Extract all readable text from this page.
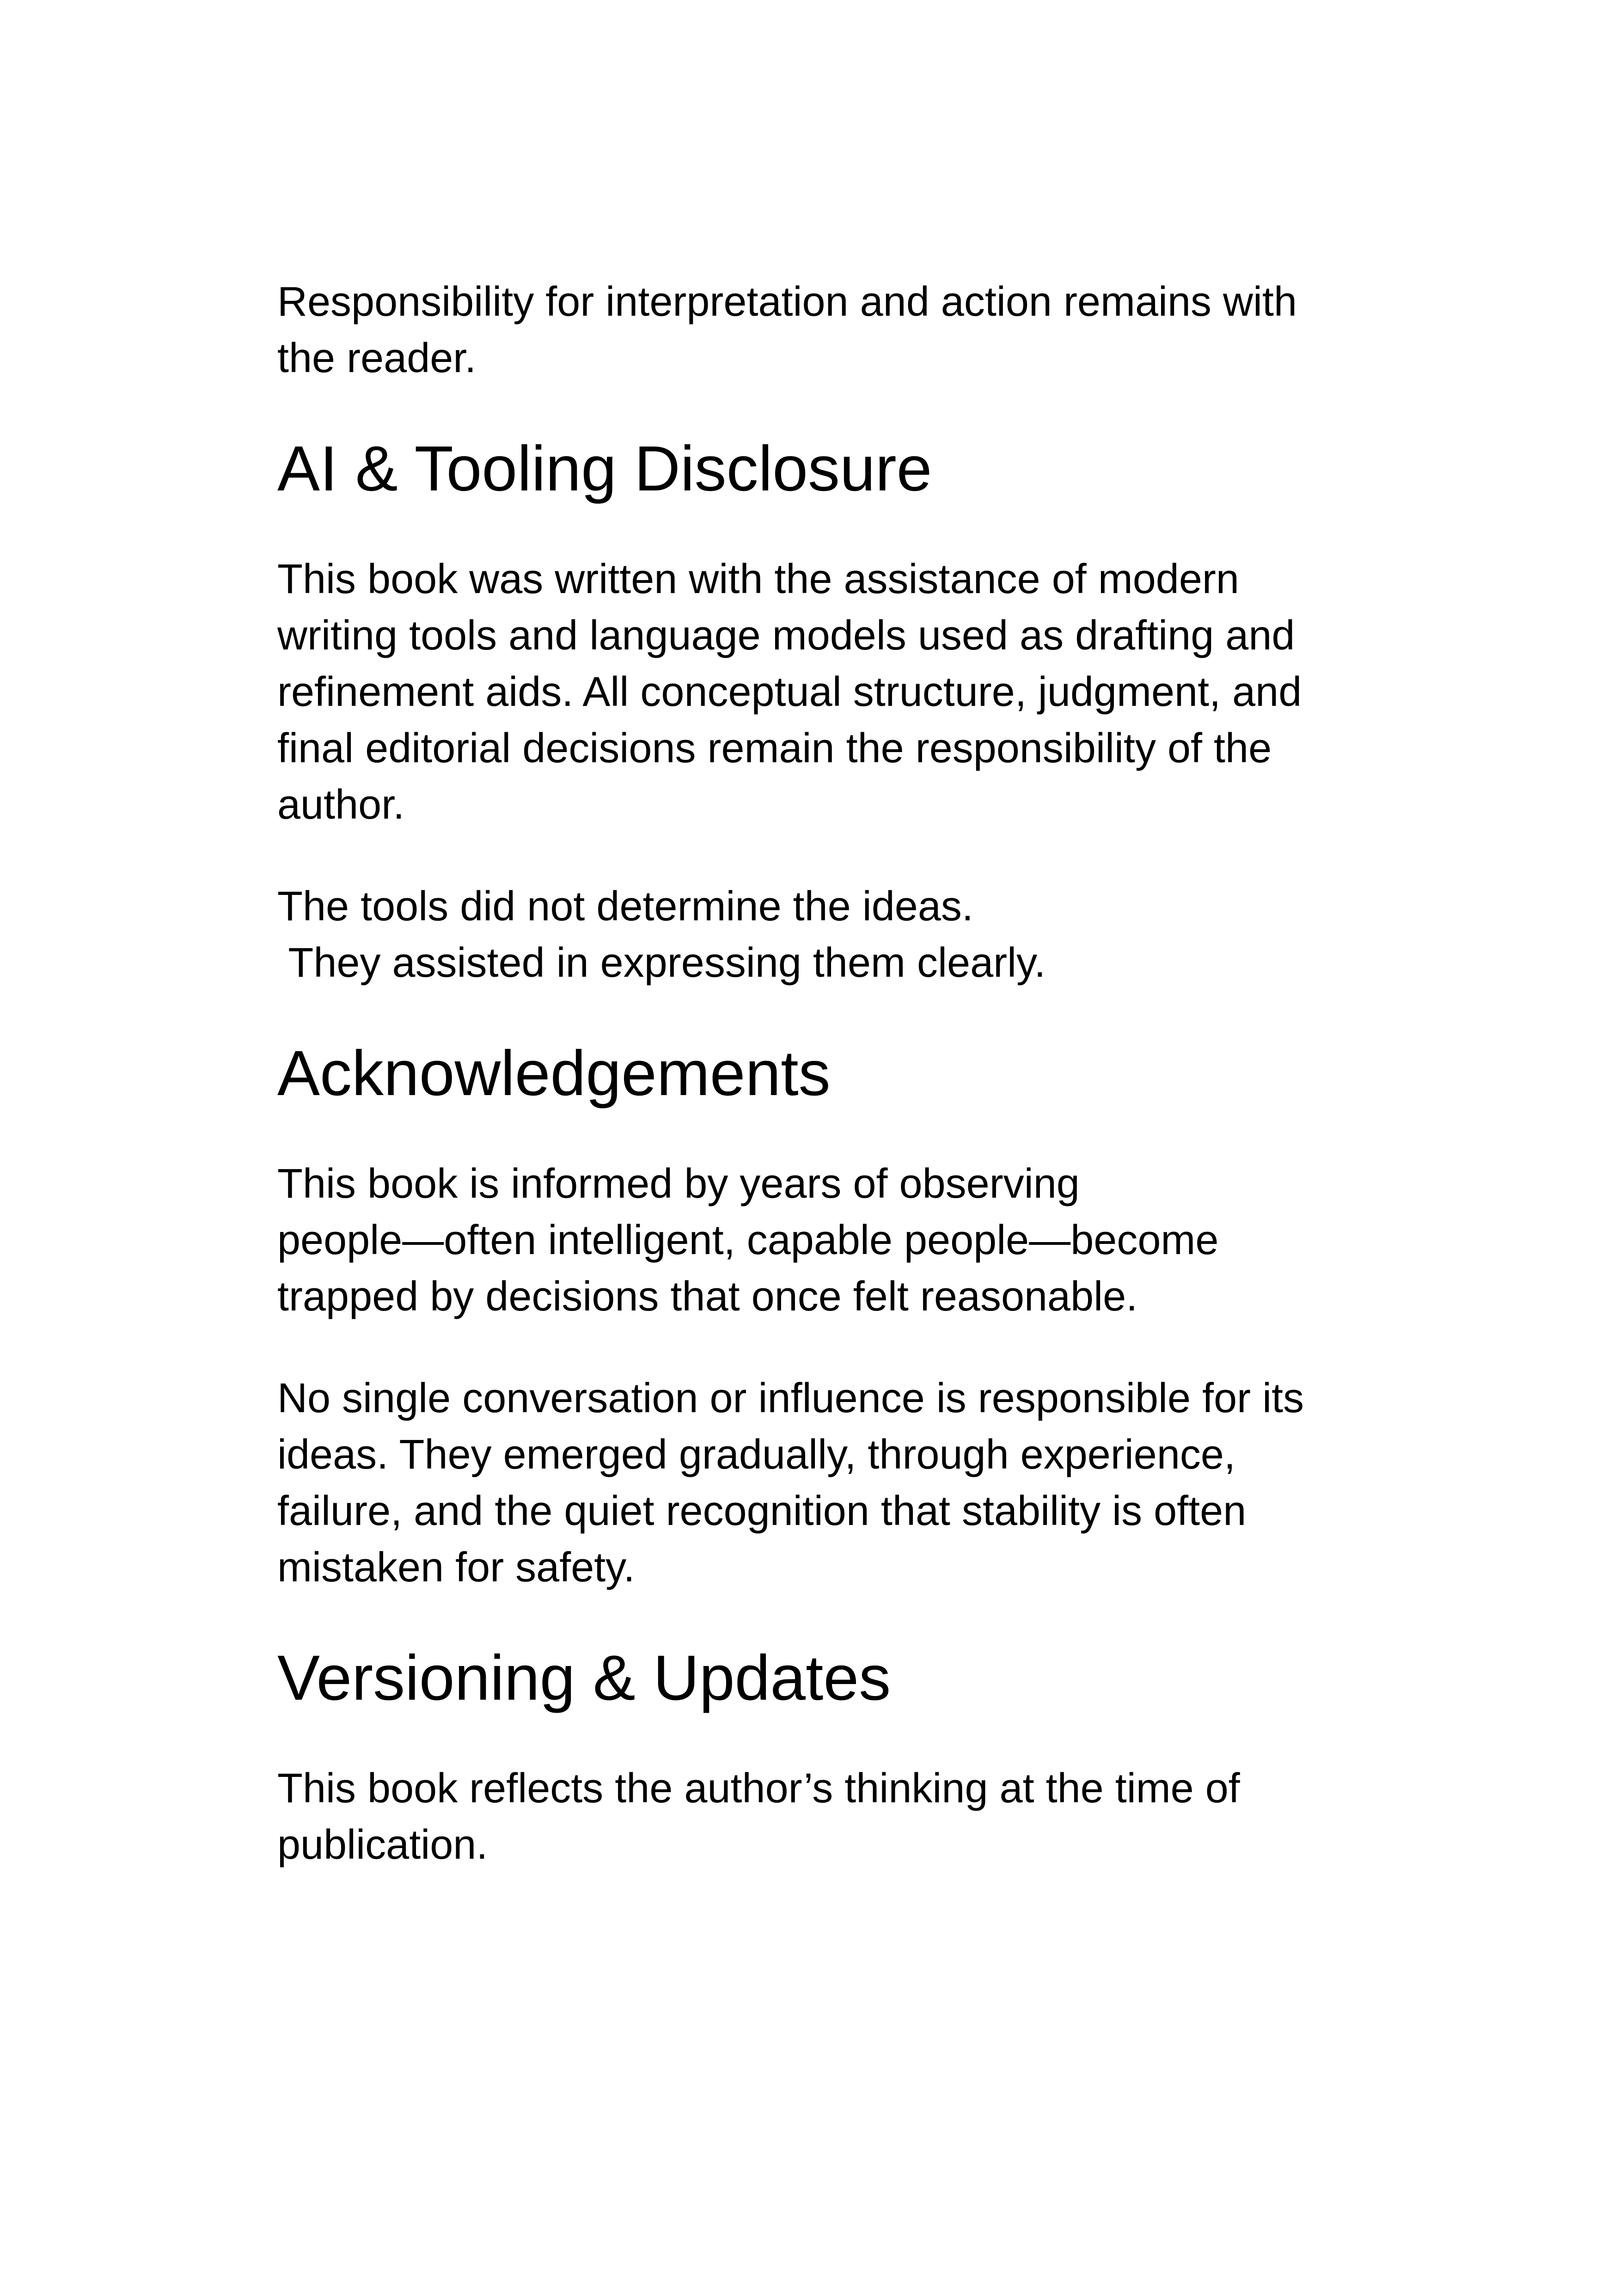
Responsibility for interpretation and action remains with
the reader.

AI & Tooling Disclosure

This book was written with the assistance of modern
writing tools and language models used as drafting and
refinement aids. All conceptual structure, judgment, and
final editorial decisions remain the responsibility of the
author.

The tools did not determine the ideas.
They assisted in expressing them clearly.

Acknowledgements

This book is informed by years of observing
people—often intelligent, capable people—become
trapped by decisions that once felt reasonable.

No single conversation or influence is responsible for its
ideas. They emerged gradually, through experience,
failure, and the quiet recognition that stability is often
mistaken for safety.

Versioning & Updates

This book reflects the author’s thinking at the time of
publication.
